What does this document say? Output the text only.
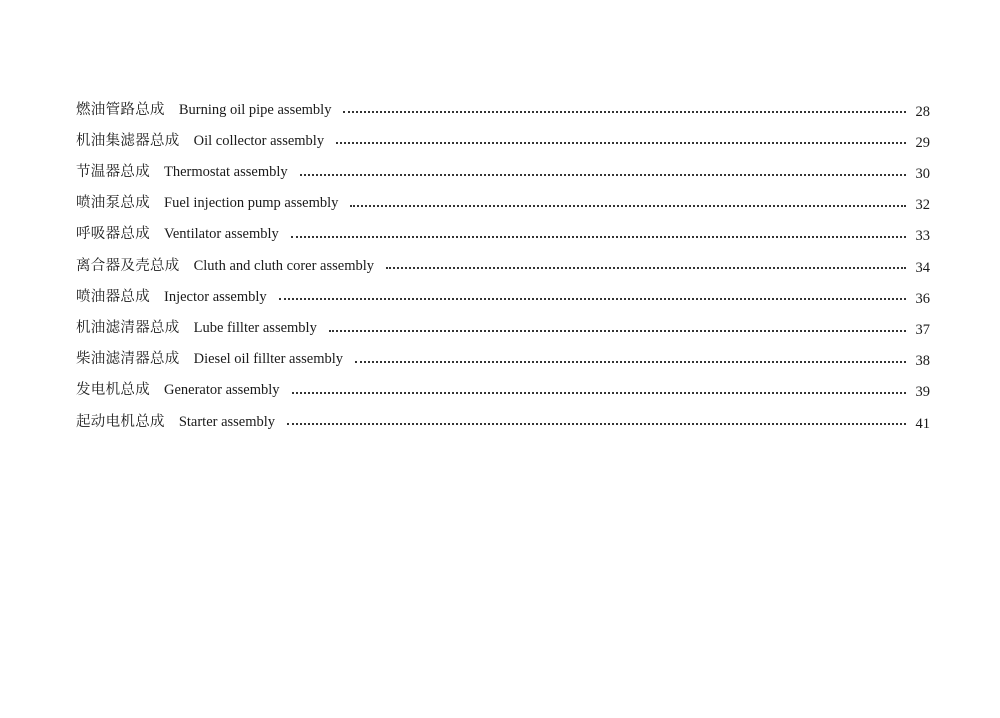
燃油管路总成 Burning oil pipe assembly	28
机油集滤器总成 Oil collector assembly	29
节温器总成 Thermostat assembly	30
喷油泵总成 Fuel injection pump assembly	32
呼吸器总成 Ventilator assembly	33
离合器及壳总成 Cluth and cluth corer assembly	34
喷油器总成 Injector assembly	36
机油滤清器总成 Lube fillter assembly	37
柴油滤清器总成 Diesel oil fillter assembly	38
发电机总成 Generator assembly	39
起动电机总成 Starter assembly	41
